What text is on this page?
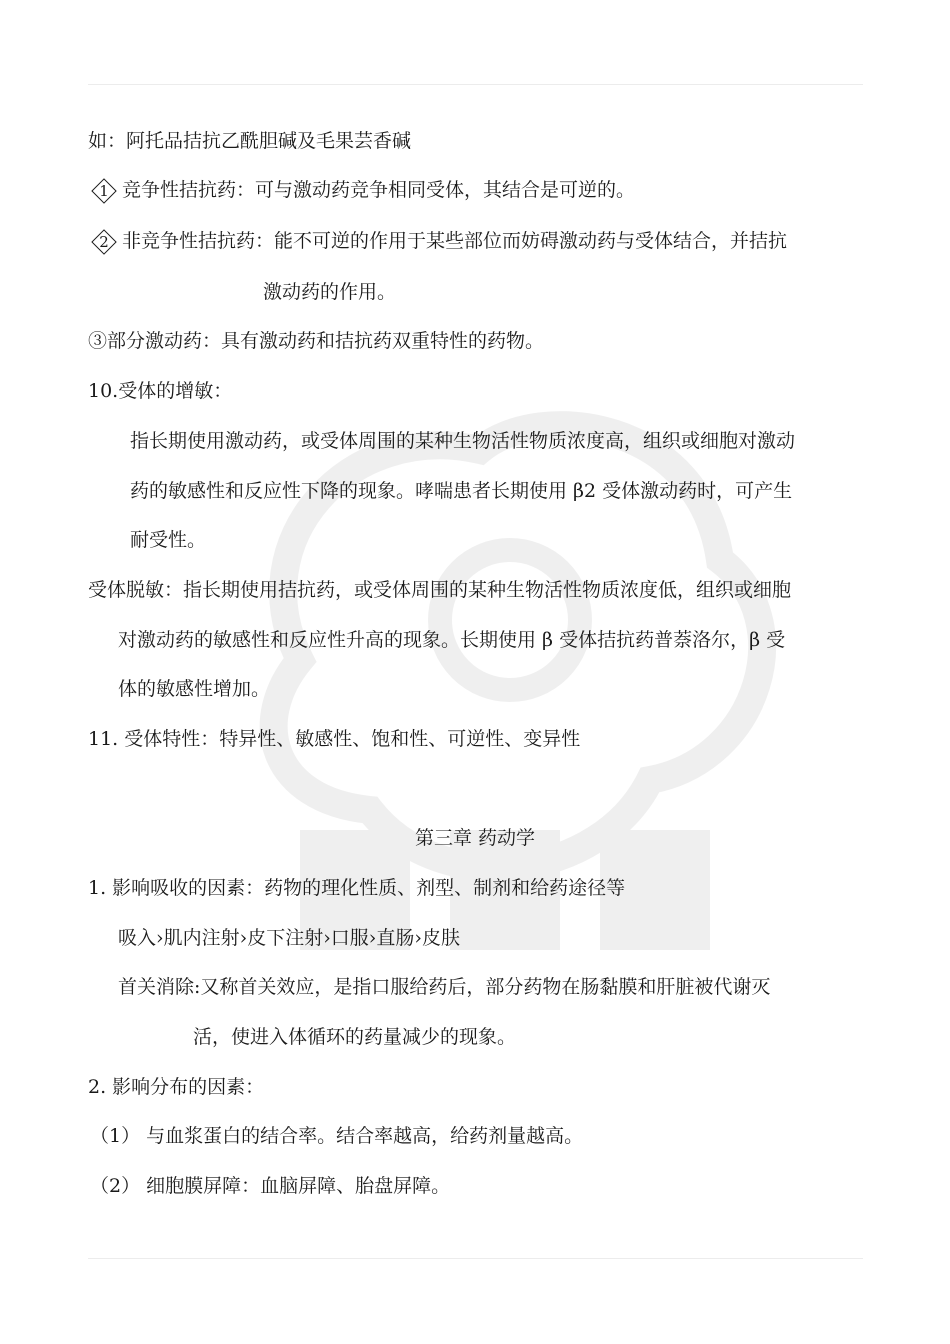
如：阿托品拮抗乙酰胆碱及毛果芸香碱
1 竞争性拮抗药：可与激动药竞争相同受体，其结合是可逆的。
2 非竞争性拮抗药：能不可逆的作用于某些部位而妨碍激动药与受体结合，并拮抗
激动药的作用。
③部分激动药：具有激动药和拮抗药双重特性的药物。
10.受体的增敏：
指长期使用激动药，或受体周围的某种生物活性物质浓度高，组织或细胞对激动
药的敏感性和反应性下降的现象。哮喘患者长期使用 β2 受体激动药时，可产生
耐受性。
受体脱敏：指长期使用拮抗药，或受体周围的某种生物活性物质浓度低，组织或细胞
对激动药的敏感性和反应性升高的现象。长期使用 β 受体拮抗药普萘洛尔，β 受
体的敏感性增加。
11. 受体特性：特异性、敏感性、饱和性、可逆性、变异性
第三章 药动学
1. 影响吸收的因素：药物的理化性质、剂型、制剂和给药途径等
吸入›肌内注射›皮下注射›口服›直肠›皮肤
首关消除:又称首关效应，是指口服给药后，部分药物在肠黏膜和肝脏被代谢灭
活，使进入体循环的药量减少的现象。
2. 影响分布的因素：
（1） 与血浆蛋白的结合率。结合率越高，给药剂量越高。
（2） 细胞膜屏障：血脑屏障、胎盘屏障。
